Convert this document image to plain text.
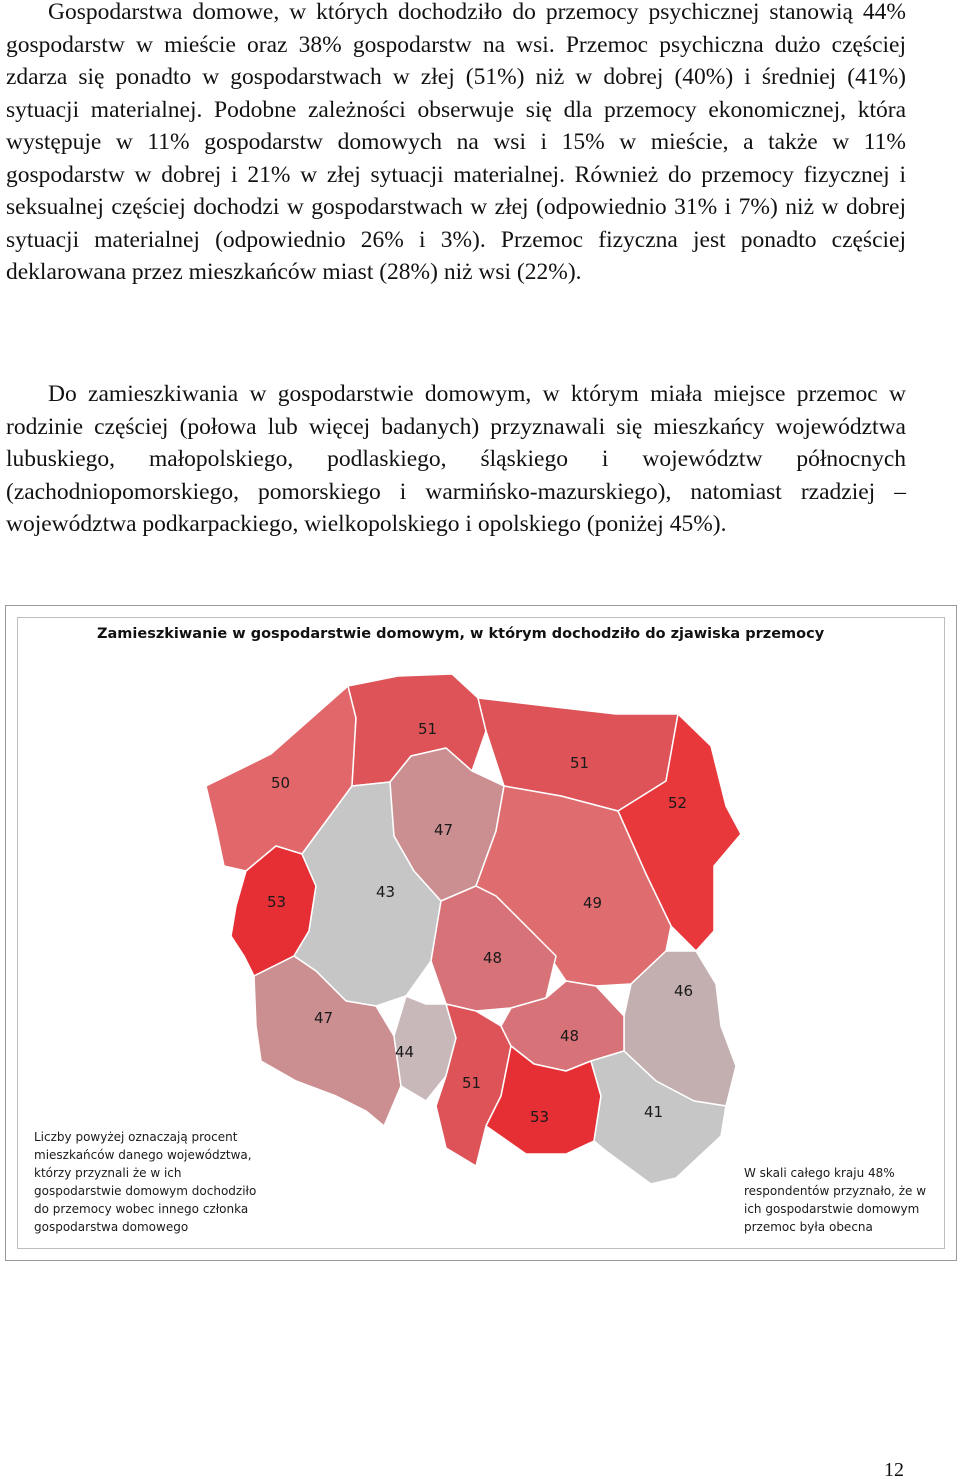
Gospodarstwa domowe, w których dochodziło do przemocy psychicznej stanowią 44% gospodarstw w mieście oraz 38% gospodarstw na wsi. Przemoc psychiczna dużo częściej zdarza się ponadto w gospodarstwach w złej (51%) niż w dobrej (40%) i średniej (41%) sytuacji materialnej. Podobne zależności obserwuje się dla przemocy ekonomicznej, która występuje w 11% gospodarstw domowych na wsi i 15% w mieście, a także w 11% gospodarstw w dobrej i 21% w złej sytuacji materialnej. Również do przemocy fizycznej i seksualnej częściej dochodzi w gospodarstwach w złej (odpowiednio 31% i 7%) niż w dobrej sytuacji materialnej (odpowiednio 26% i 3%). Przemoc fizyczna jest ponadto częściej deklarowana przez mieszkańców miast (28%) niż wsi (22%).

Do zamieszkiwania w gospodarstwie domowym, w którym miała miejsce przemoc w rodzinie częściej (połowa lub więcej badanych) przyznawali się mieszkańcy województwa lubuskiego, małopolskiego, podlaskiego, śląskiego i województw północnych (zachodniopomorskiego, pomorskiego i warmińsko-mazurskiego), natomiast rzadziej – województwa podkarpackiego, wielkopolskiego i opolskiego (poniżej 45%).

Zamieszkiwanie w gospodarstwie domowym, w którym dochodziło do zjawiska przemocy
50
51
51
52
53
43
47
49
48
46
47
44
51
48
53	41
Liczby powyżej oznaczają procent mieszkańców danego województwa, którzy przyznali że w ich gospodarstwie domowym dochodziło do przemocy wobec innego członka gospodarstwa domowego
W skali całego kraju 48% respondentów przyznało, że w ich gospodarstwie domowym przemoc była obecna
12
